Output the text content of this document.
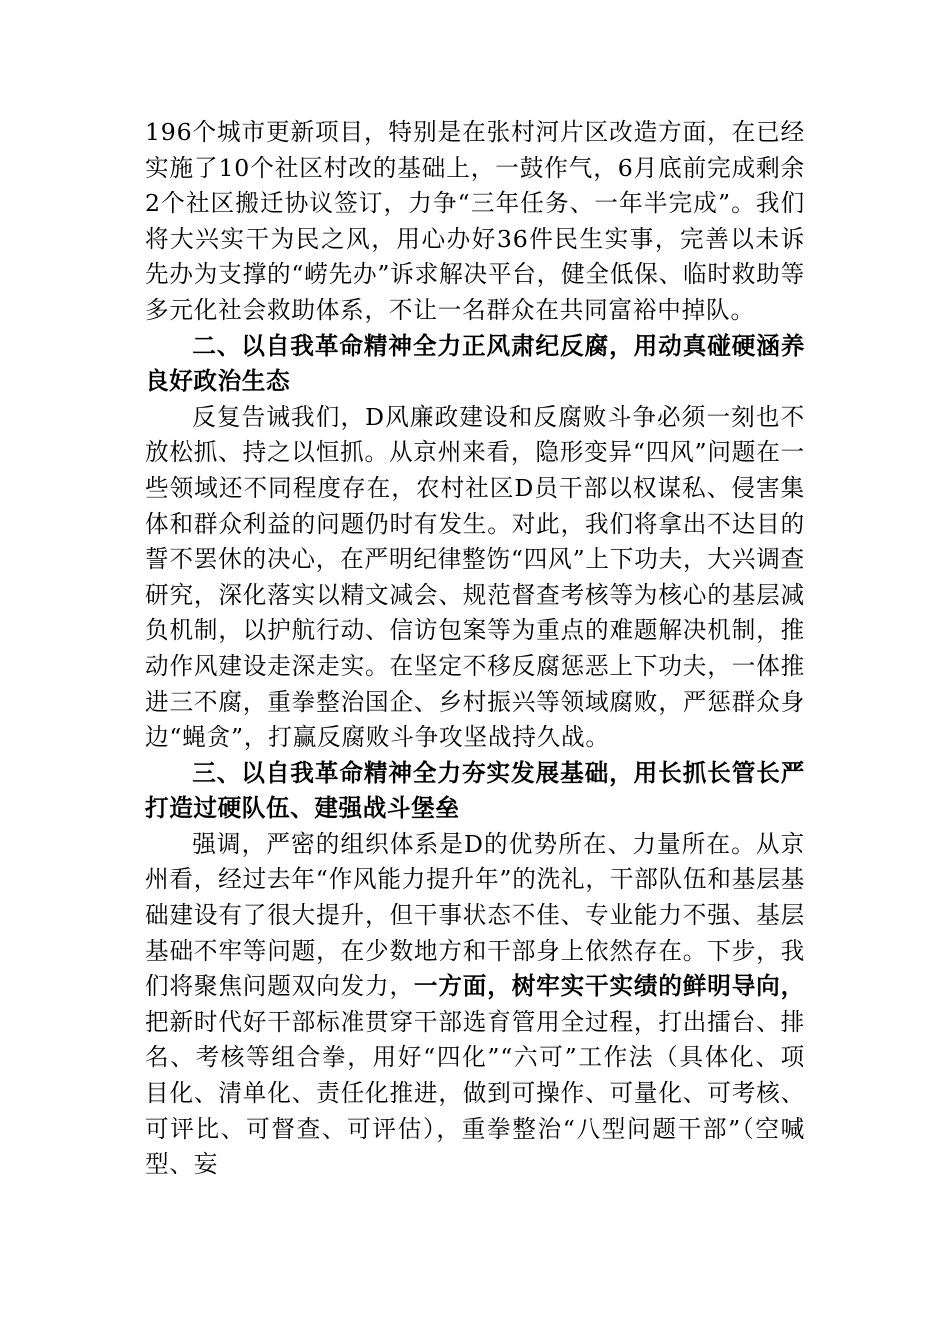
196个城市更新项目，特别是在张村河片区改造方面，在已经实施了10个社区村改的基础上，一鼓作气，6月底前完成剩余2个社区搬迁协议签订，力争“三年任务、一年半完成”。我们将大兴实干为民之风，用心办好36件民生实事，完善以未诉先办为支撑的“崂先办”诉求解决平台，健全低保、临时救助等多元化社会救助体系，不让一名群众在共同富裕中掉队。

二、以自我革命精神全力正风肃纪反腐，用动真碰硬涵养良好政治生态

反复告诫我们，D风廉政建设和反腐败斗争必须一刻也不放松抓、持之以恒抓。从京州来看，隐形变异“四风”问题在一些领域还不同程度存在，农村社区D员干部以权谋私、侵害集体和群众利益的问题仍时有发生。对此，我们将拿出不达目的誓不罢休的决心，在严明纪律整饬“四风”上下功夫，大兴调查研究，深化落实以精文减会、规范督查考核等为核心的基层减负机制，以护航行动、信访包案等为重点的难题解决机制，推动作风建设走深走实。在坚定不移反腐惩恶上下功夫，一体推进三不腐，重拳整治国企、乡村振兴等领域腐败，严惩群众身边“蝇贪”，打赢反腐败斗争攻坚战持久战。

三、以自我革命精神全力夯实发展基础，用长抓长管长严打造过硬队伍、建强战斗堡垒

强调，严密的组织体系是D的优势所在、力量所在。从京州看，经过去年“作风能力提升年”的洗礼，干部队伍和基层基础建设有了很大提升，但干事状态不佳、专业能力不强、基层基础不牢等问题，在少数地方和干部身上依然存在。下步，我们将聚焦问题双向发力，一方面，树牢实干实绩的鲜明导向，把新时代好干部标准贯穿干部选育管用全过程，打出擂台、排名、考核等组合拳，用好“四化”“六可”工作法（具体化、项目化、清单化、责任化推进，做到可操作、可量化、可考核、可评比、可督查、可评估），重拳整治“八型问题干部”（空喊型、妄
